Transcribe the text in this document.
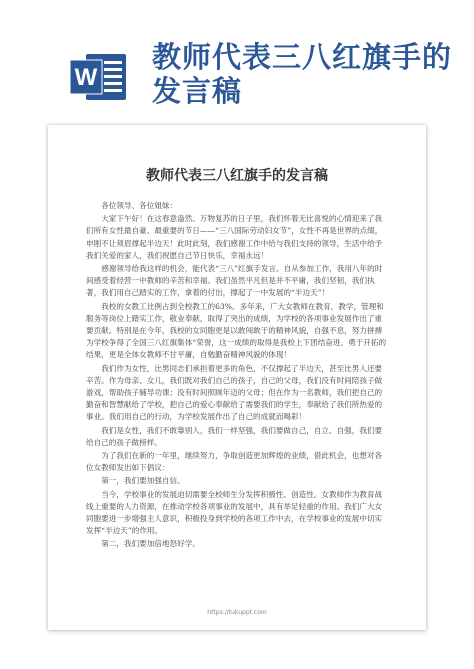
W
教师代表三八红旗手的
发言稿
教师代表三八红旗手的发言稿

各位领导、各位姐妹：

大家下午好！在这春意盎然、万物复苏的日子里，我们怀着无比喜悦的心情迎来了我们所有女性最自豪、最重要的节日——“三八国际劳动妇女节”，女性不再是世界的点缀，申刚不让须眉撑起半边天！此时此刻，我们感谢工作中给与我们支持的领导，生活中给予我们关爱的家人，我们祝愿自己节日快乐，幸福永远！

感谢领导给我这样的机会，能代表“三八”红旗手发言。自从参加工作，我用八年的时间感受着经营一中教师的辛苦和幸福。我们虽然平凡但是并不平庸，我们坚韧，我们执著，我们用自己踏实的工作，拿着的付出，撑起了一中发展的“半边天”！

我校的女教工比例占到全校教工的63%。多年来，广大女教师在教育，教学，管理和服务等岗位上踏实工作，敬业奉献，取得了突出的成绩，为学校的各项事业发展作出了重要贡献。特别是在今年，我校的女同胞更是以敢闯敢干的精神风貌，自强不息，努力拼搏为学校争得了全国三八红旗集体“荣誉，这一成绩的取得是我校上下团结奋进、勇于开拓的结果，更是全体女教师不甘平庸，自勉勤奋精神风貌的体现！

我们作为女性，比男同志们承担着更多的角色，不仅撑起了半边天，甚至比男人还要辛苦。作为母亲、女儿，我们既对我们自己的孩子，自己的父母，我们没有时间陪孩子做游戏，帮助孩子辅导功课；没有时间照顾年迈的父母；但在作为一名教师，我们把自己的勤奋和智慧献给了学校，把自己的爱心奉献给了需要我们的学生，奉献给了我们所热爱的事业。我们用自己的行动，为学校发展作出了自己的成就而喝彩！

我们是女性，我们不敢靠别人，我们一样坚强，我们要做自己，自立、自强，我们要给自己的孩子做榜样。

为了我们在新的一年里，继续努力，争取创造更加辉煌的业绩，借此机会，也想对各位女教师发出如下倡议：

第一，我们要加强自信。

当今，学校事业的发展迫切需要全校师生分发挥积极性、创造性。女教师作为教育战线上重要的人力资源，在推动学校各项事业的发展中，具有举足轻重的作用。我们广大女同胞要进一步增强主人意识，积极投身到学校的各项工作中去，在学校事业的发展中切实发挥“半边天”的作用。

第二，我们要加倍地怒好学。

https://tukuppt.com
